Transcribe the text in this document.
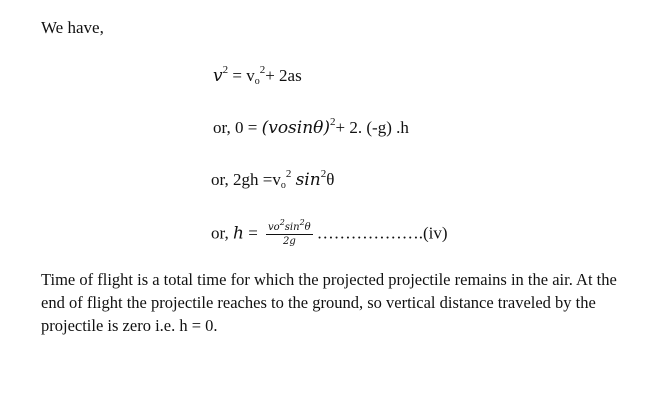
We have,
$v^2 = v_o^2+ 2as$
or, $0 = (vosin\theta)^2+ 2$. (-g) .h
or, $2gh =v_o^2$ $\sin^2\theta$
or, $h = \frac{vo^2\sin^2\theta}{2g}$ ……………….(iv)
Time of flight is a total time for which the projected projectile remains in the air. At the end of flight the projectile reaches to the ground, so vertical distance traveled by the projectile is zero i.e. h = 0.
